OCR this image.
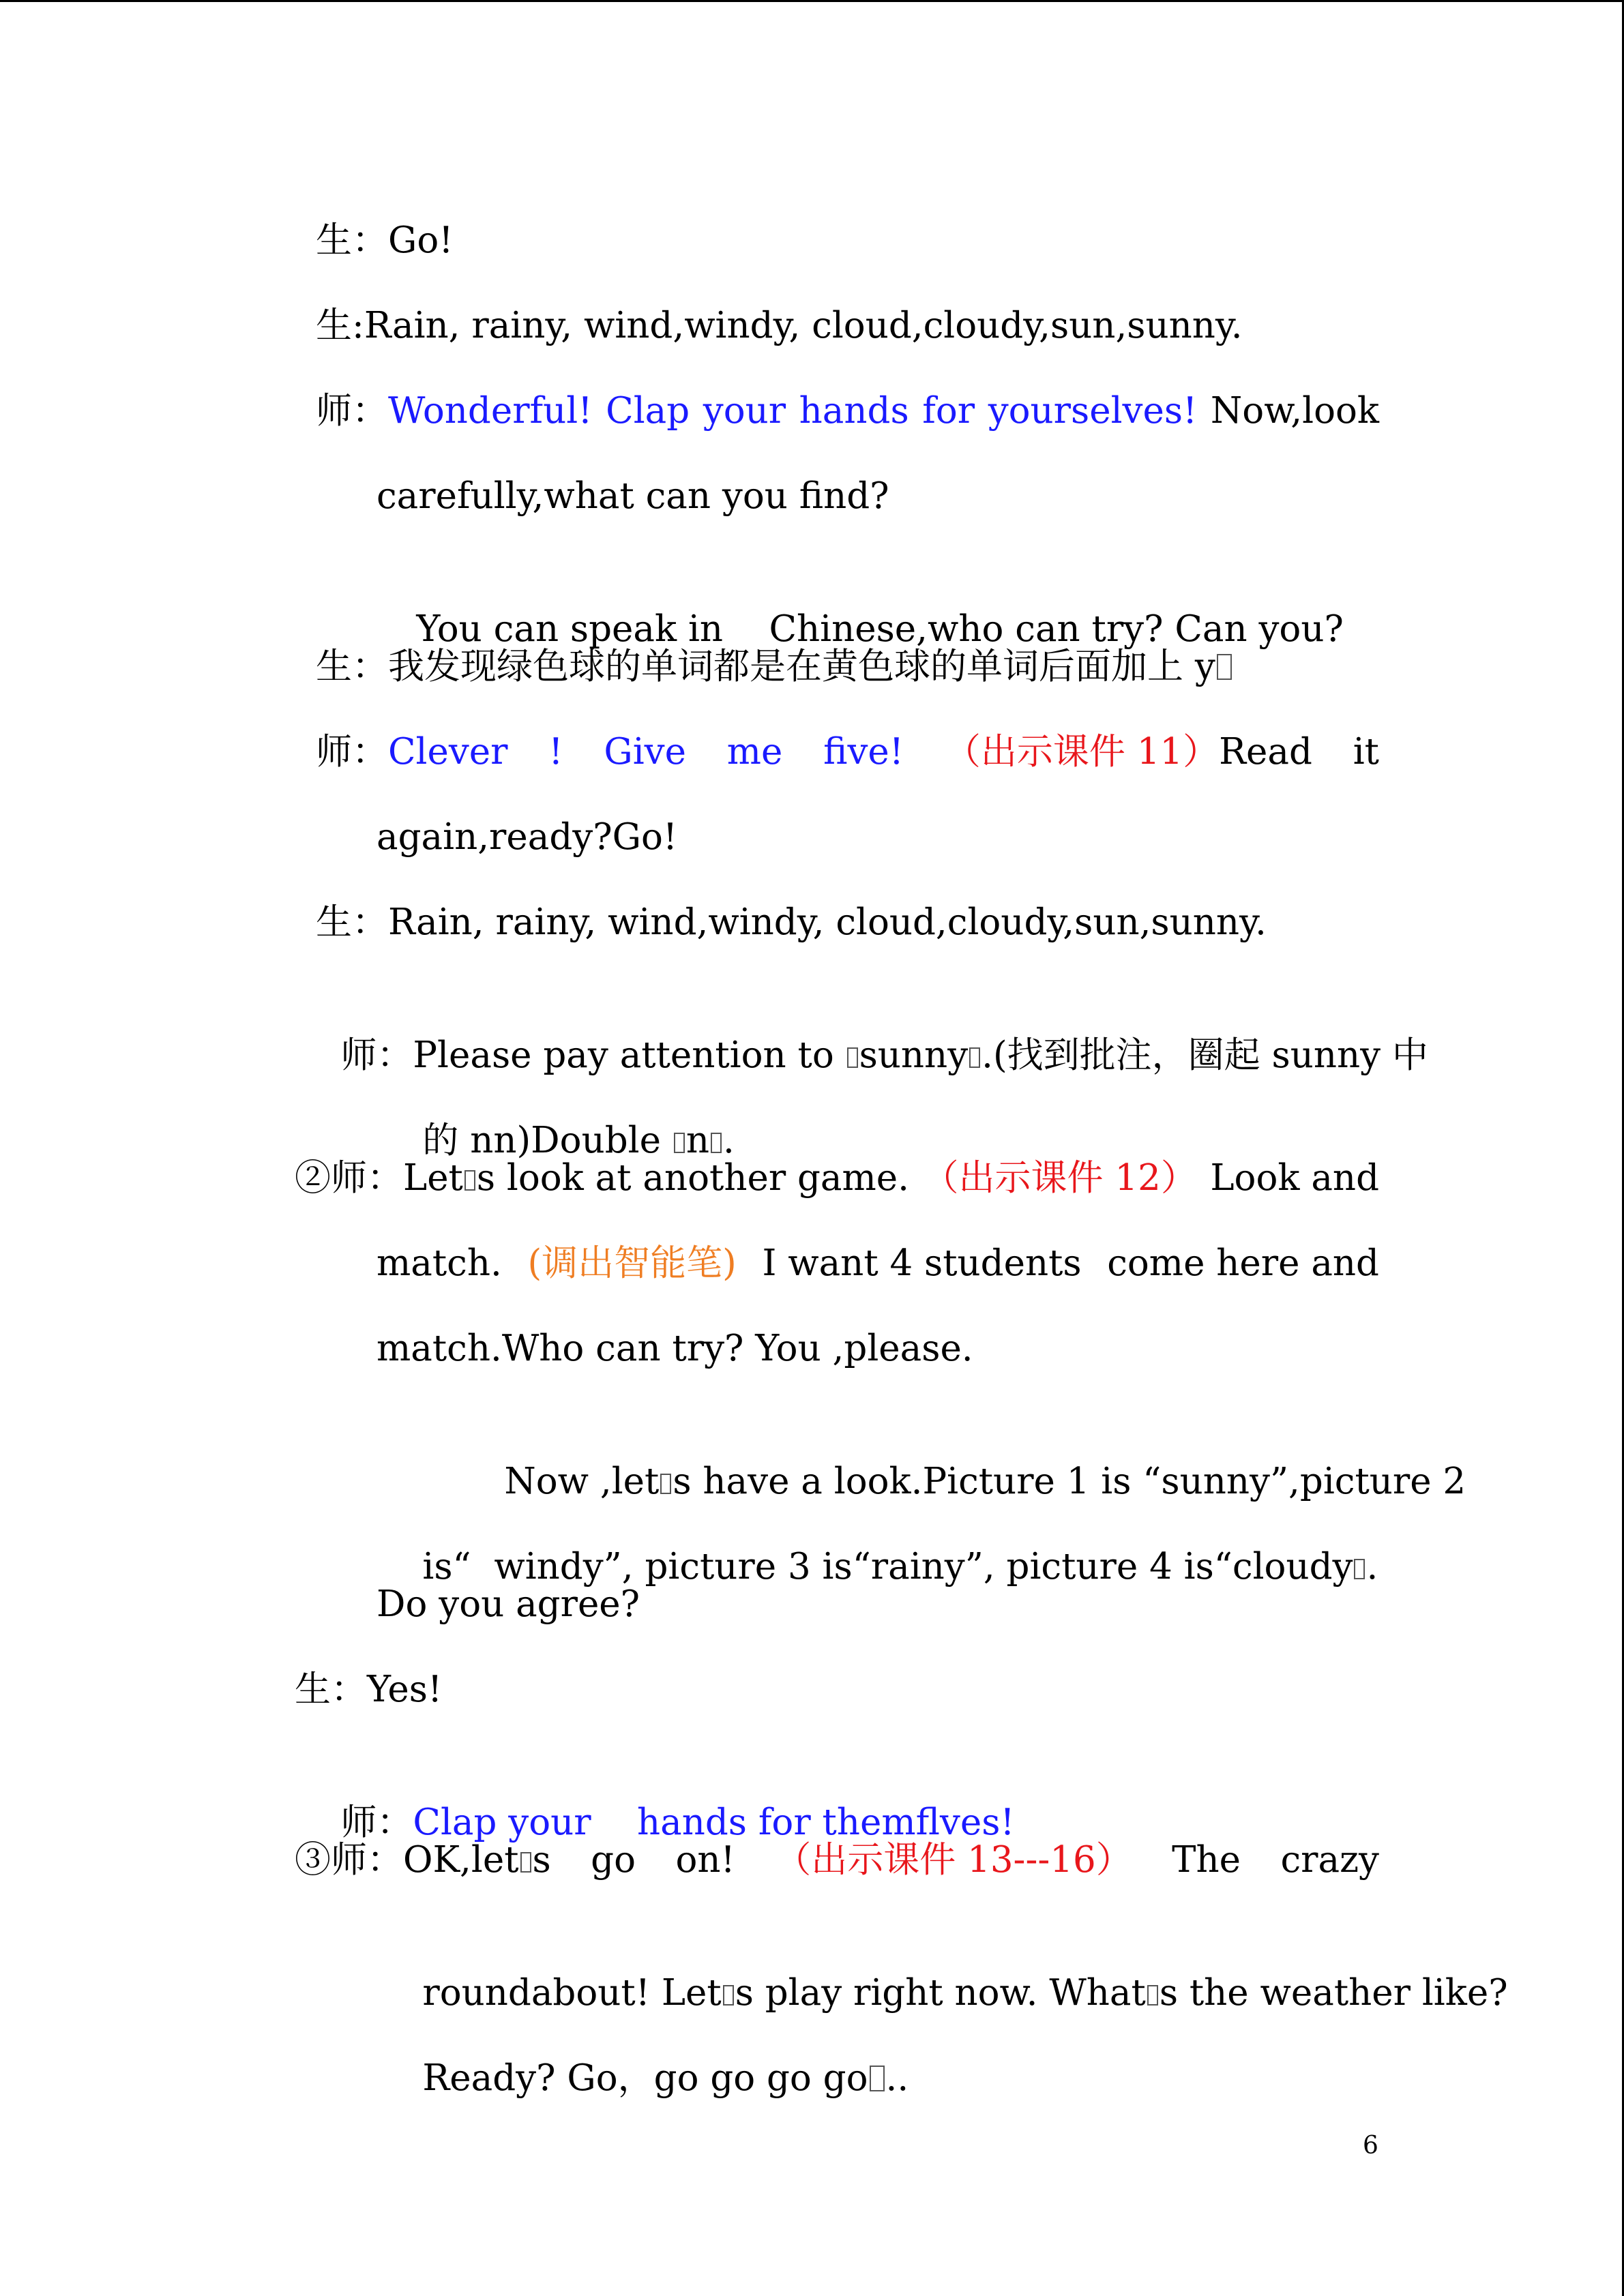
生：Go!
生:Rain, rainy, wind,windy, cloud,cloudy,sun,sunny.
师：Wonderful! Clap your hands for yourselves! Now,look
carefully,what can you find?

You can speak in    Chinese,who can try? Can you?

生：我发现绿色球的单词都是在黄色球的单词后面加上 y
师：Clever ! Give me five! （出示课件 11）Read it
again,ready?Go!
生：Rain, rainy, wind,windy, cloud,cloudy,sun,sunny.

师：Please pay attention to sunny .(找到批注，圈起 sunny 中

的 nn)Double n .

②师：Let s look at another game. （出示课件 12） Look and
match. (调出智能笔) I want 4 students come here and
match.Who can try? You ,please.

Now ,let s have a look.Picture 1 is “sunny”,picture 2

is“  windy”, picture 3 is“rainy”, picture 4 is“cloudy .

Do you agree?
生：Yes!

师：Clap your    hands for themflves!

③师：OK,let s go on! （出示课件 13---16） The crazy

roundabout! Let s play right now. What s the weather like?

Ready? Go，go go go go ..

6
